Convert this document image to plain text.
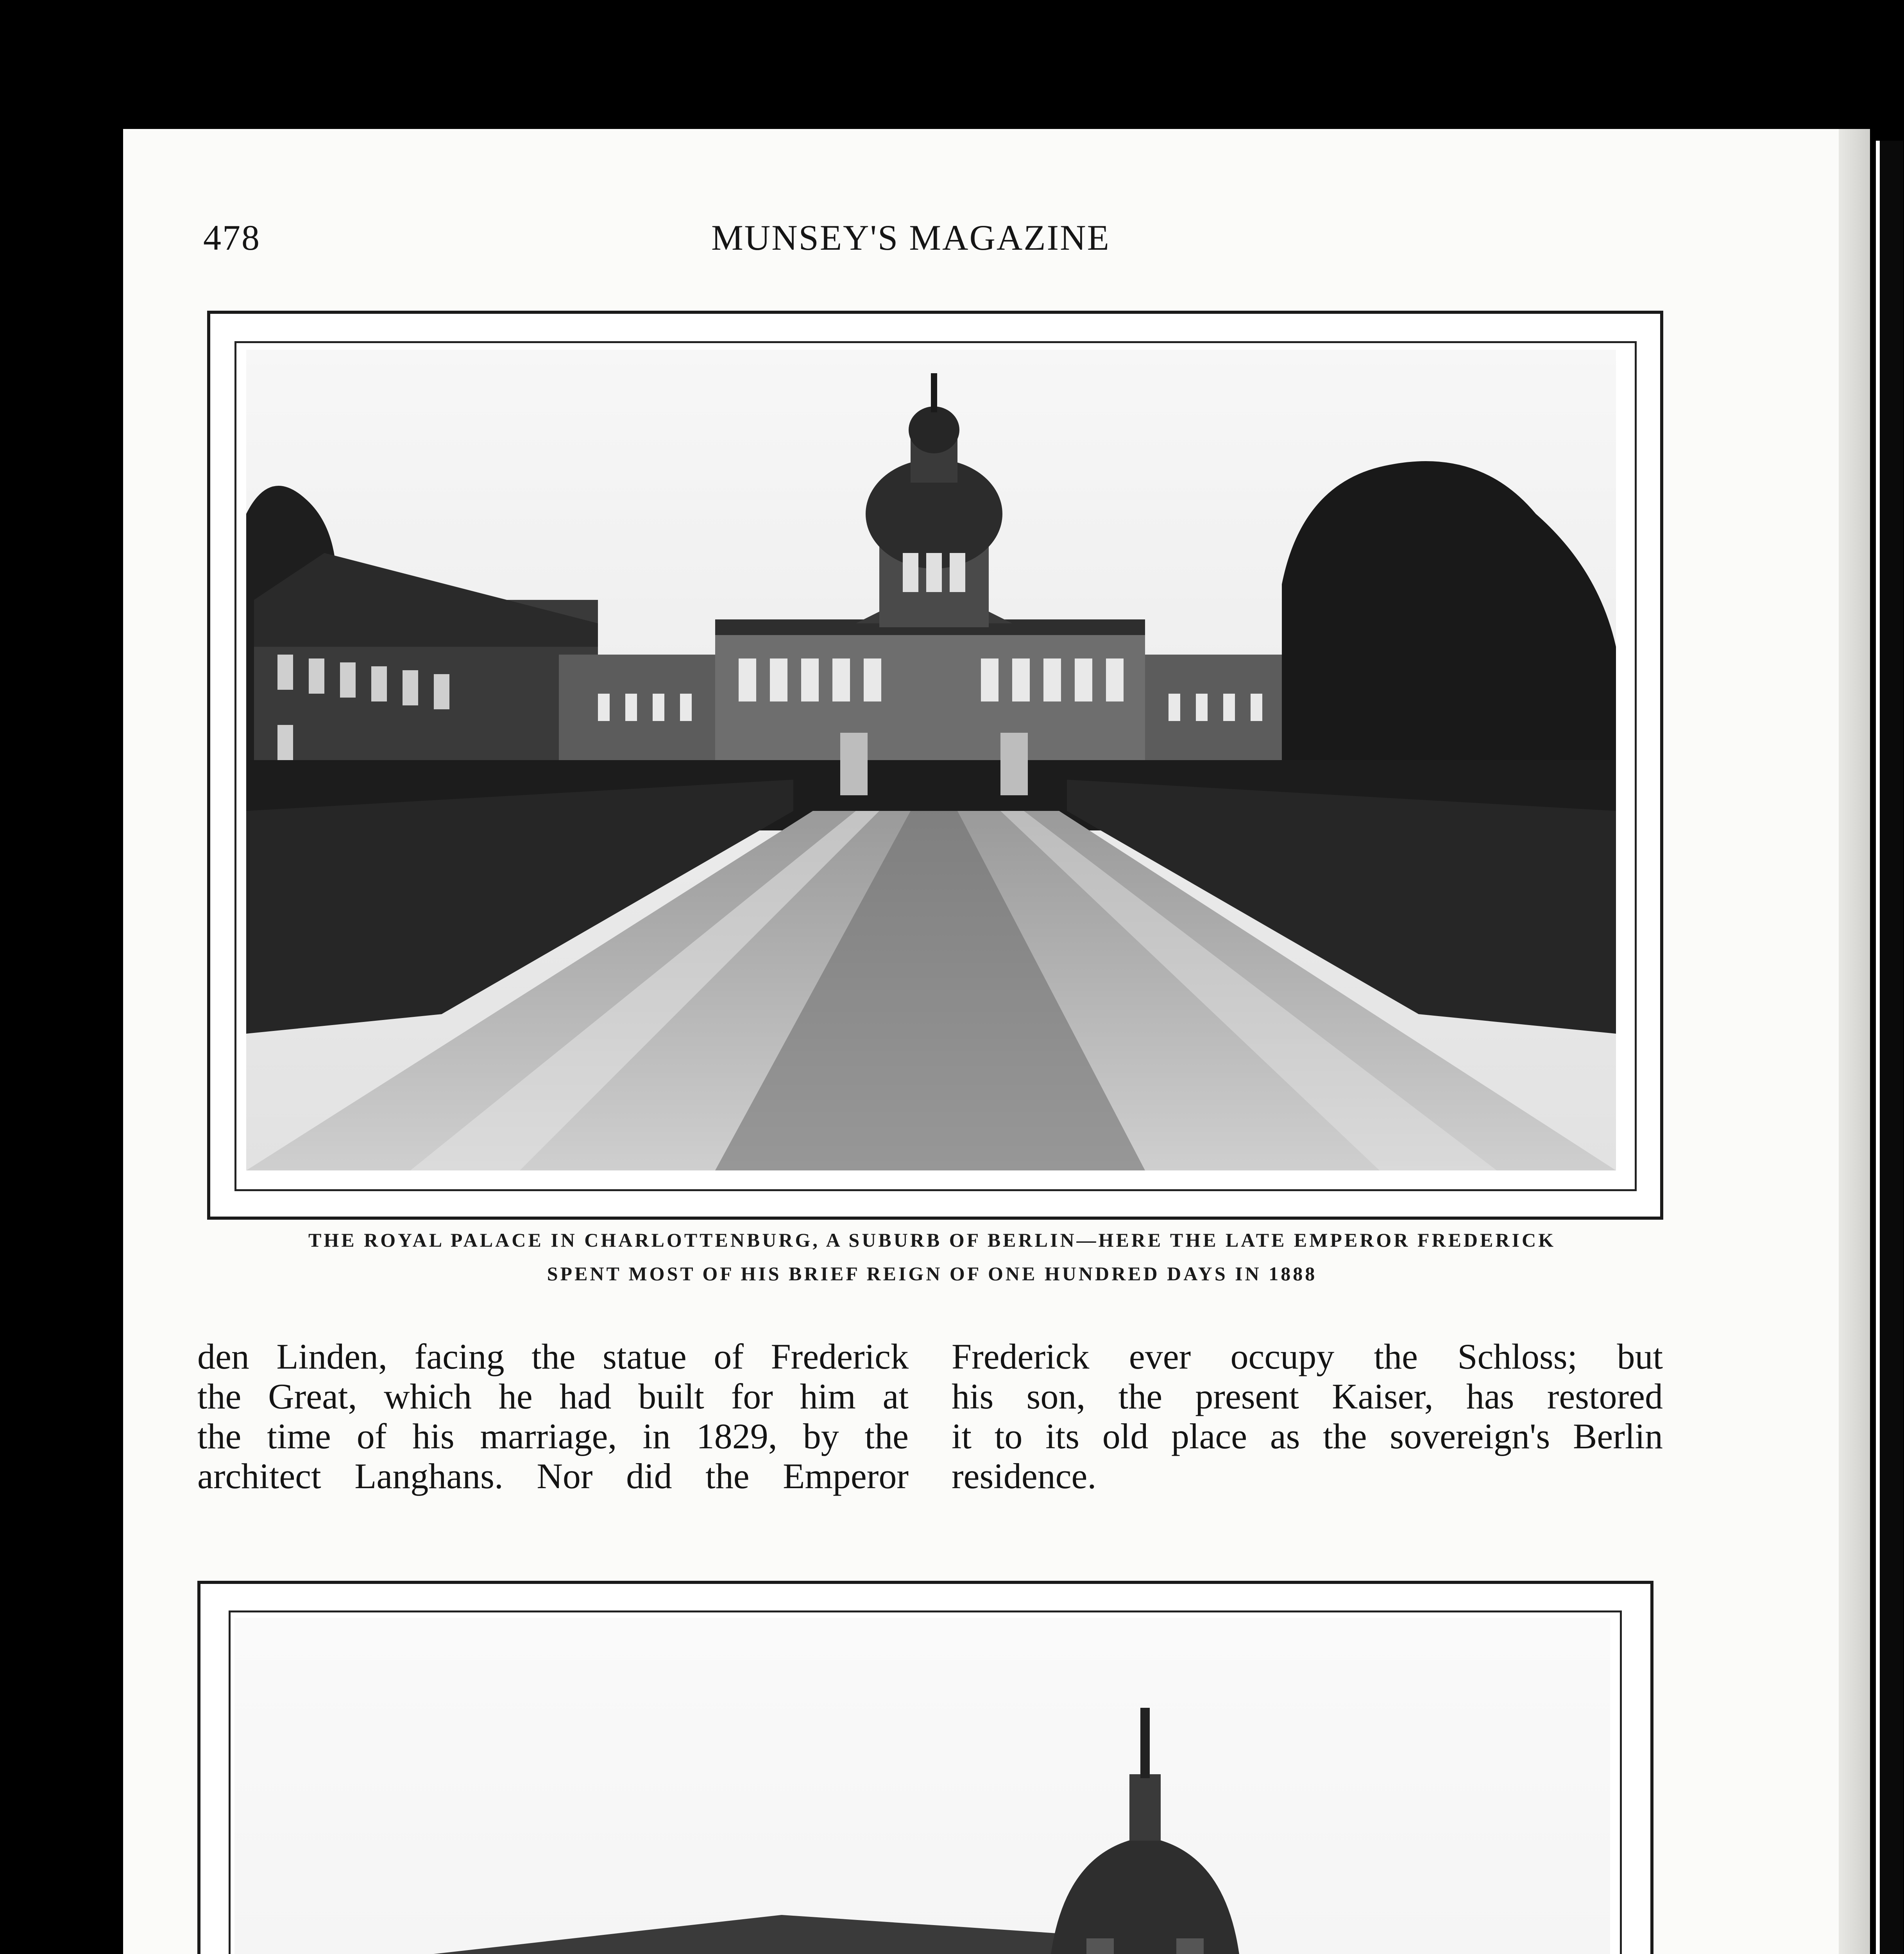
478	MUNSEY'S MAGAZINE
THE ROYAL PALACE IN CHARLOTTENBURG, A SUBURB OF BERLIN—HERE THE LATE EMPEROR FREDERICK
SPENT MOST OF HIS BRIEF REIGN OF ONE HUNDRED DAYS IN 1888
den Linden, facing the statue of Frederick
the Great, which he had built for him at
the time of his marriage, in 1829, by the
architect Langhans. Nor did the Emperor
Frederick ever occupy the Schloss; but
his son, the present Kaiser, has restored
it to its old place as the sovereign's Berlin
residence.
